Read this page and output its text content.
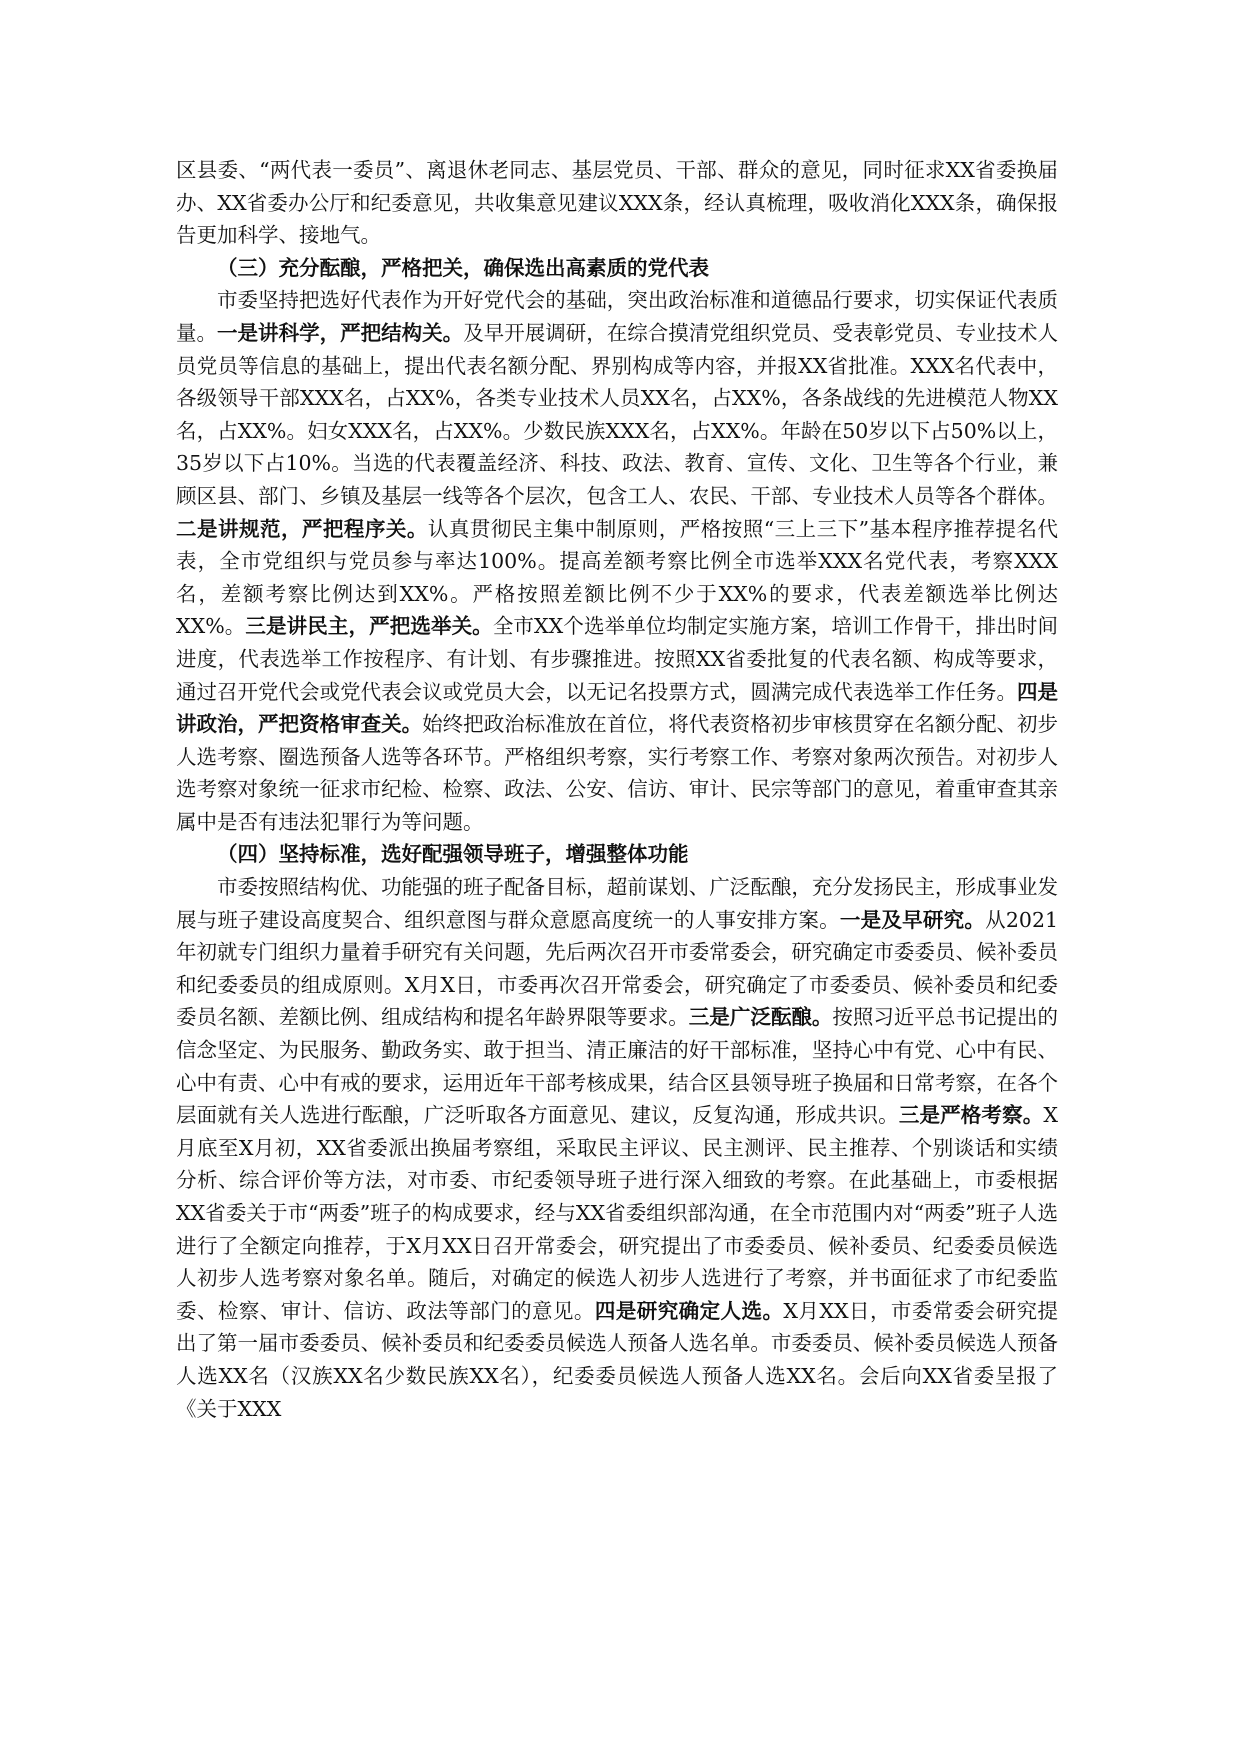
区县委、“两代表一委员”、离退休老同志、基层党员、干部、群众的意见，同时征求XX省委换届办、XX省委办公厅和纪委意见，共收集意见建议XXX条，经认真梳理，吸收消化XXX条，确保报告更加科学、接地气。

（三）充分酝酿，严格把关，确保选出高素质的党代表

市委坚持把选好代表作为开好党代会的基础，突出政治标准和道德品行要求，切实保证代表质量。一是讲科学，严把结构关。及早开展调研，在综合摸清党组织党员、受表彰党员、专业技术人员党员等信息的基础上，提出代表名额分配、界别构成等内容，并报XX省批准。XXX名代表中，各级领导干部XXX名，占XX%，各类专业技术人员XX名，占XX%，各条战线的先进模范人物XX名，占XX%。妇女XXX名，占XX%。少数民族XXX名，占XX%。年龄在50岁以下占50%以上，35岁以下占10%。当选的代表覆盖经济、科技、政法、教育、宣传、文化、卫生等各个行业，兼顾区县、部门、乡镇及基层一线等各个层次，包含工人、农民、干部、专业技术人员等各个群体。二是讲规范，严把程序关。认真贯彻民主集中制原则，严格按照“三上三下”基本程序推荐提名代表，全市党组织与党员参与率达100%。提高差额考察比例全市选举XXX名党代表，考察XXX名，差额考察比例达到XX%。严格按照差额比例不少于XX%的要求，代表差额选举比例达XX%。三是讲民主，严把选举关。全市XX个选举单位均制定实施方案，培训工作骨干，排出时间进度，代表选举工作按程序、有计划、有步骤推进。按照XX省委批复的代表名额、构成等要求，通过召开党代会或党代表会议或党员大会，以无记名投票方式，圆满完成代表选举工作任务。四是讲政治，严把资格审查关。始终把政治标准放在首位，将代表资格初步审核贯穿在名额分配、初步人选考察、圈选预备人选等各环节。严格组织考察，实行考察工作、考察对象两次预告。对初步人选考察对象统一征求市纪检、检察、政法、公安、信访、审计、民宗等部门的意见，着重审查其亲属中是否有违法犯罪行为等问题。

（四）坚持标准，选好配强领导班子，增强整体功能

市委按照结构优、功能强的班子配备目标，超前谋划、广泛酝酿，充分发扬民主，形成事业发展与班子建设高度契合、组织意图与群众意愿高度统一的人事安排方案。一是及早研究。从2021年初就专门组织力量着手研究有关问题，先后两次召开市委常委会，研究确定市委委员、候补委员和纪委委员的组成原则。X月X日，市委再次召开常委会，研究确定了市委委员、候补委员和纪委委员名额、差额比例、组成结构和提名年龄界限等要求。三是广泛酝酿。按照习近平总书记提出的信念坚定、为民服务、勤政务实、敢于担当、清正廉洁的好干部标准，坚持心中有党、心中有民、心中有责、心中有戒的要求，运用近年干部考核成果，结合区县领导班子换届和日常考察，在各个层面就有关人选进行酝酿，广泛听取各方面意见、建议，反复沟通，形成共识。三是严格考察。X月底至X月初，XX省委派出换届考察组，采取民主评议、民主测评、民主推荐、个别谈话和实绩分析、综合评价等方法，对市委、市纪委领导班子进行深入细致的考察。在此基础上，市委根据XX省委关于市“两委”班子的构成要求，经与XX省委组织部沟通，在全市范围内对“两委”班子人选进行了全额定向推荐，于X月XX日召开常委会，研究提出了市委委员、候补委员、纪委委员候选人初步人选考察对象名单。随后，对确定的候选人初步人选进行了考察，并书面征求了市纪委监委、检察、审计、信访、政法等部门的意见。四是研究确定人选。X月XX日，市委常委会研究提出了第一届市委委员、候补委员和纪委委员候选人预备人选名单。市委委员、候补委员候选人预备人选XX名（汉族XX名少数民族XX名），纪委委员候选人预备人选XX名。会后向XX省委呈报了《关于XXX
